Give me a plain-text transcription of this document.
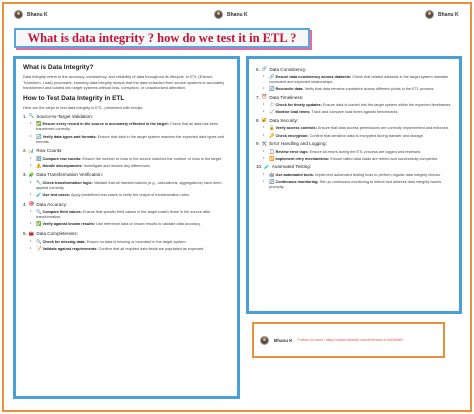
Bhanu K	Bhanu K	Bhanu K
What is data integrity ? how do we test it in ETL ?
What is Data Integrity?
Data integrity refers to the accuracy, consistency, and reliability of data throughout its lifecycle. In ETL (Extract, Transform, Load) processes, ensuring data integrity means that the data extracted from source systems is accurately transformed and loaded into target systems without loss, corruption, or unauthorized alteration.
How to Test Data Integrity in ETL
Here are the steps to test data integrity in ETL, presented with emojis:
1. 🔍 Source-to-Target Validation:
• ✅Ensure every record in the source is accurately reflected in the target: Check that all data has been transferred correctly.
• 🔄Verify data types and formats: Ensure that data in the target system matches the expected data types and formats.
2. 📊 Row Counts:
• 🔢Compare row counts: Ensure the number of rows in the source matches the number of rows in the target.
• ⚠️Handle discrepancies: Investigate and resolve any differences.
3. 🧩 Data Transformation Verification:
• 🔧Check transformation logic: Validate that all transformations (e.g., calculations, aggregations) have been applied correctly.
• 🧪Use test cases: Apply predefined test cases to verify the output of transformation rules.
4. 🎯 Data Accuracy:
• 🔍Compare field values: Ensure that specific field values in the target match those in the source after transformation.
• ✅Verify against known results: Use reference data or known results to validate data accuracy.
5. 🧰 Data Completeness:
• 🔍Check for missing data: Ensure no data is missing or truncated in the target system.
• 📝Validate against requirements: Confirm that all required data fields are populated as expected.
6. 🔗 Data Consistency:
• 🔗Ensure data consistency across datasets: Check that related datasets in the target system maintain consistent and expected relationships.
• 🔄Reconcile data: Verify that data remains consistent across different points in the ETL process.
7. ⏰ Data Timeliness:
• ⏱️Check for timely updates: Ensure data is loaded into the target system within the expected timeframes.
• 📈Monitor load times: Track and compare load times against benchmarks.
8. 🔐 Data Security:
• 🔒Verify access controls: Ensure that data access permissions are correctly implemented and enforced.
• 🔑Check encryption: Confirm that sensitive data is encrypted during transfer and storage.
9. 🛠️ Error Handling and Logging:
• 📋Review error logs: Ensure all errors during the ETL process are logged and reviewed.
• 🔁Implement retry mechanisms: Ensure failed data loads are retried and successfully completed.
10. 🧪 Automated Testing:
• 🤖Use automated tools: Implement automated testing tools to perform regular data integrity checks.
• 🔄Continuous monitoring: Set up continuous monitoring to detect and address data integrity issues promptly.
Bhanu K Follow for more: https://www.linkedin.com/in/bhanu-k-4b0b0b0/
